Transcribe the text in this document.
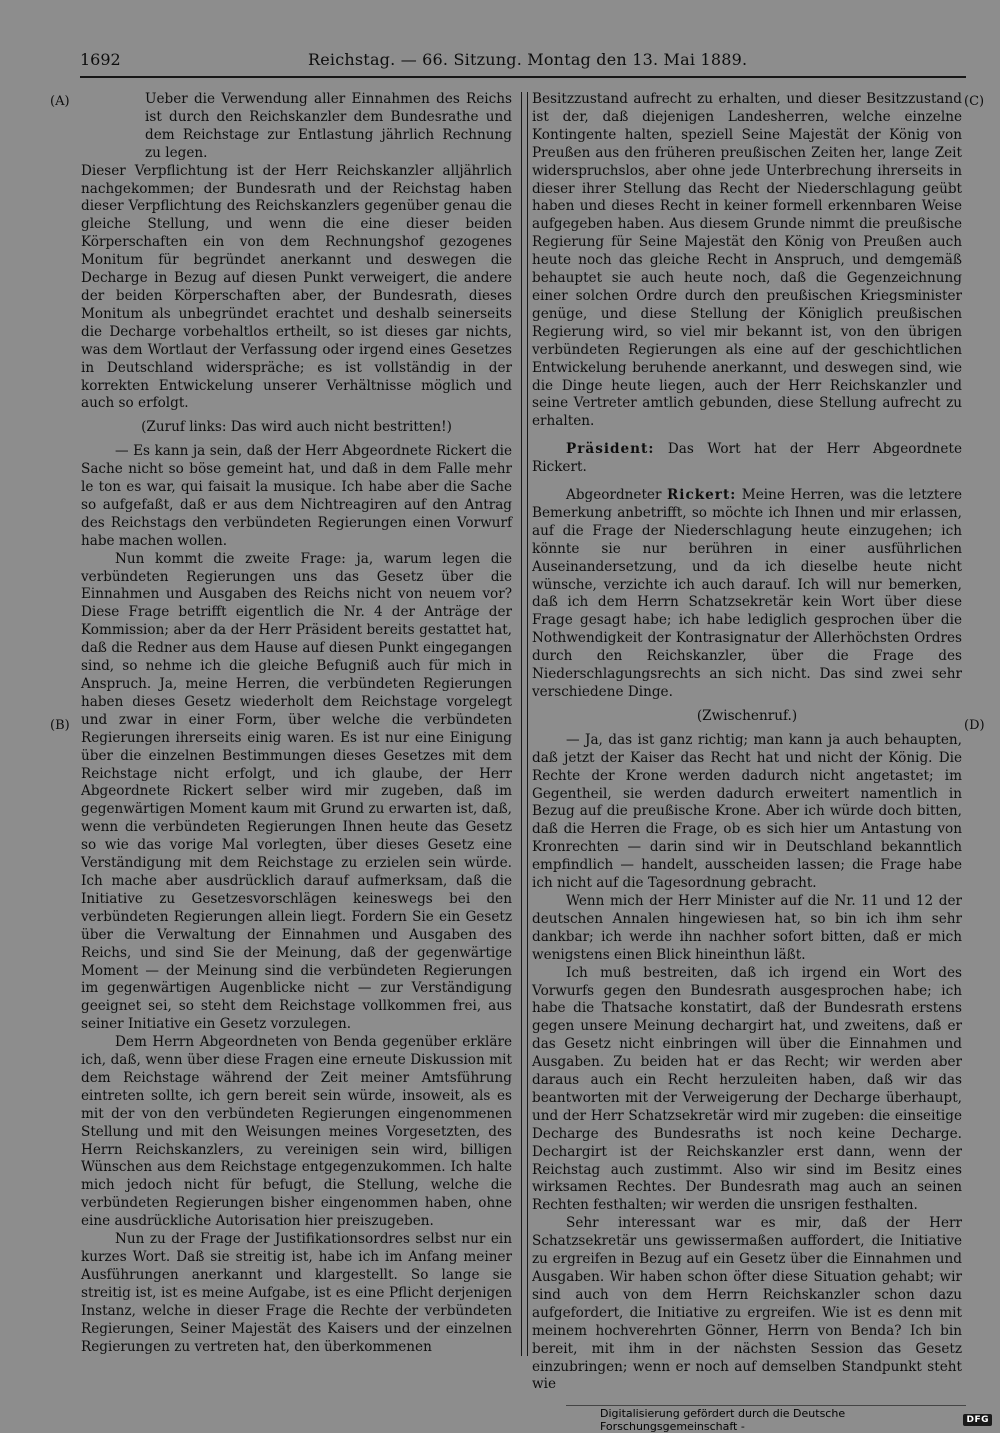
1692	Reichstag. — 66. Sitzung. Montag den 13. Mai 1889.
(A)
(B)
(C)
(D)

Ueber die Verwendung aller Einnahmen des Reichs ist durch den Reichskanzler dem Bundesrathe und dem Reichstage zur Entlastung jährlich Rechnung zu legen.

Dieser Verpflichtung ist der Herr Reichskanzler alljährlich nachgekommen; der Bundesrath und der Reichstag haben dieser Verpflichtung des Reichskanzlers gegenüber genau die gleiche Stellung, und wenn die eine dieser beiden Körperschaften ein von dem Rechnungshof gezogenes Monitum für begründet anerkannt und deswegen die Decharge in Bezug auf diesen Punkt verweigert, die andere der beiden Körperschaften aber, der Bundesrath, dieses Monitum als unbegründet erachtet und deshalb seinerseits die Decharge vorbehaltlos ertheilt, so ist dieses gar nichts, was dem Wortlaut der Verfassung oder irgend eines Gesetzes in Deutschland widerspräche; es ist vollständig in der korrekten Entwickelung unserer Verhältnisse möglich und auch so erfolgt.

(Zuruf links: Das wird auch nicht bestritten!)

— Es kann ja sein, daß der Herr Abgeordnete Rickert die Sache nicht so böse gemeint hat, und daß in dem Falle mehr le ton es war, qui faisait la musique. Ich habe aber die Sache so aufgefaßt, daß er aus dem Nichtreagiren auf den Antrag des Reichstags den verbündeten Regierungen einen Vorwurf habe machen wollen.

Nun kommt die zweite Frage: ja, warum legen die verbündeten Regierungen uns das Gesetz über die Einnahmen und Ausgaben des Reichs nicht von neuem vor? Diese Frage betrifft eigentlich die Nr. 4 der Anträge der Kommission; aber da der Herr Präsident bereits gestattet hat, daß die Redner aus dem Hause auf diesen Punkt eingegangen sind, so nehme ich die gleiche Befugniß auch für mich in Anspruch. Ja, meine Herren, die verbündeten Regierungen haben dieses Gesetz wiederholt dem Reichstage vorgelegt und zwar in einer Form, über welche die verbündeten Regierungen ihrerseits einig waren. Es ist nur eine Einigung über die einzelnen Bestimmungen dieses Gesetzes mit dem Reichstage nicht erfolgt, und ich glaube, der Herr Abgeordnete Rickert selber wird mir zugeben, daß im gegenwärtigen Moment kaum mit Grund zu erwarten ist, daß, wenn die verbündeten Regierungen Ihnen heute das Gesetz so wie das vorige Mal vorlegten, über dieses Gesetz eine Verständigung mit dem Reichstage zu erzielen sein würde. Ich mache aber ausdrücklich darauf aufmerksam, daß die Initiative zu Gesetzesvorschlägen keineswegs bei den verbündeten Regierungen allein liegt. Fordern Sie ein Gesetz über die Verwaltung der Einnahmen und Ausgaben des Reichs, und sind Sie der Meinung, daß der gegenwärtige Moment — der Meinung sind die verbündeten Regierungen im gegenwärtigen Augenblicke nicht — zur Verständigung geeignet sei, so steht dem Reichstage vollkommen frei, aus seiner Initiative ein Gesetz vorzulegen.

Dem Herrn Abgeordneten von Benda gegenüber erkläre ich, daß, wenn über diese Fragen eine erneute Diskussion mit dem Reichstage während der Zeit meiner Amtsführung eintreten sollte, ich gern bereit sein würde, insoweit, als es mit der von den verbündeten Regierungen eingenommenen Stellung und mit den Weisungen meines Vorgesetzten, des Herrn Reichskanzlers, zu vereinigen sein wird, billigen Wünschen aus dem Reichstage entgegenzukommen. Ich halte mich jedoch nicht für befugt, die Stellung, welche die verbündeten Regierungen bisher eingenommen haben, ohne eine ausdrückliche Autorisation hier preiszugeben.

Nun zu der Frage der Justifikationsordres selbst nur ein kurzes Wort. Daß sie streitig ist, habe ich im Anfang meiner Ausführungen anerkannt und klargestellt. So lange sie streitig ist, ist es meine Aufgabe, ist es eine Pflicht derjenigen Instanz, welche in dieser Frage die Rechte der verbündeten Regierungen, Seiner Majestät des Kaisers und der einzelnen Regierungen zu vertreten hat, den überkommenen

Besitzzustand aufrecht zu erhalten, und dieser Besitzzustand ist der, daß diejenigen Landesherren, welche einzelne Kontingente halten, speziell Seine Majestät der König von Preußen aus den früheren preußischen Zeiten her, lange Zeit widerspruchslos, aber ohne jede Unterbrechung ihrerseits in dieser ihrer Stellung das Recht der Niederschlagung geübt haben und dieses Recht in keiner formell erkennbaren Weise aufgegeben haben. Aus diesem Grunde nimmt die preußische Regierung für Seine Majestät den König von Preußen auch heute noch das gleiche Recht in Anspruch, und demgemäß behauptet sie auch heute noch, daß die Gegenzeichnung einer solchen Ordre durch den preußischen Kriegsminister genüge, und diese Stellung der Königlich preußischen Regierung wird, so viel mir bekannt ist, von den übrigen verbündeten Regierungen als eine auf der geschichtlichen Entwickelung beruhende anerkannt, und deswegen sind, wie die Dinge heute liegen, auch der Herr Reichskanzler und seine Vertreter amtlich gebunden, diese Stellung aufrecht zu erhalten.

Präsident: Das Wort hat der Herr Abgeordnete Rickert.

Abgeordneter Rickert: Meine Herren, was die letztere Bemerkung anbetrifft, so möchte ich Ihnen und mir erlassen, auf die Frage der Niederschlagung heute einzugehen; ich könnte sie nur berühren in einer ausführlichen Auseinandersetzung, und da ich dieselbe heute nicht wünsche, verzichte ich auch darauf. Ich will nur bemerken, daß ich dem Herrn Schatzsekretär kein Wort über diese Frage gesagt habe; ich habe lediglich gesprochen über die Nothwendigkeit der Kontrasignatur der Allerhöchsten Ordres durch den Reichskanzler, über die Frage des Niederschlagungsrechts an sich nicht. Das sind zwei sehr verschiedene Dinge.

(Zwischenruf.)

— Ja, das ist ganz richtig; man kann ja auch behaupten, daß jetzt der Kaiser das Recht hat und nicht der König. Die Rechte der Krone werden dadurch nicht angetastet; im Gegentheil, sie werden dadurch erweitert namentlich in Bezug auf die preußische Krone. Aber ich würde doch bitten, daß die Herren die Frage, ob es sich hier um Antastung von Kronrechten — darin sind wir in Deutschland bekanntlich empfindlich — handelt, ausscheiden lassen; die Frage habe ich nicht auf die Tagesordnung gebracht.

Wenn mich der Herr Minister auf die Nr. 11 und 12 der deutschen Annalen hingewiesen hat, so bin ich ihm sehr dankbar; ich werde ihn nachher sofort bitten, daß er mich wenigstens einen Blick hineinthun läßt.

Ich muß bestreiten, daß ich irgend ein Wort des Vorwurfs gegen den Bundesrath ausgesprochen habe; ich habe die Thatsache konstatirt, daß der Bundesrath erstens gegen unsere Meinung dechargirt hat, und zweitens, daß er das Gesetz nicht einbringen will über die Einnahmen und Ausgaben. Zu beiden hat er das Recht; wir werden aber daraus auch ein Recht herzuleiten haben, daß wir das beantworten mit der Verweigerung der Decharge überhaupt, und der Herr Schatzsekretär wird mir zugeben: die einseitige Decharge des Bundesraths ist noch keine Decharge. Dechargirt ist der Reichskanzler erst dann, wenn der Reichstag auch zustimmt. Also wir sind im Besitz eines wirksamen Rechtes. Der Bundesrath mag auch an seinen Rechten festhalten; wir werden die unsrigen festhalten.

Sehr interessant war es mir, daß der Herr Schatzsekretär uns gewissermaßen auffordert, die Initiative zu ergreifen in Bezug auf ein Gesetz über die Einnahmen und Ausgaben. Wir haben schon öfter diese Situation gehabt; wir sind auch von dem Herrn Reichskanzler schon dazu aufgefordert, die Initiative zu ergreifen. Wie ist es denn mit meinem hochverehrten Gönner, Herrn von Benda? Ich bin bereit, mit ihm in der nächsten Session das Gesetz einzubringen; wenn er noch auf demselben Standpunkt steht wie

Digitalisierung gefördert durch die Deutsche Forschungsgemeinschaft -	DFG
